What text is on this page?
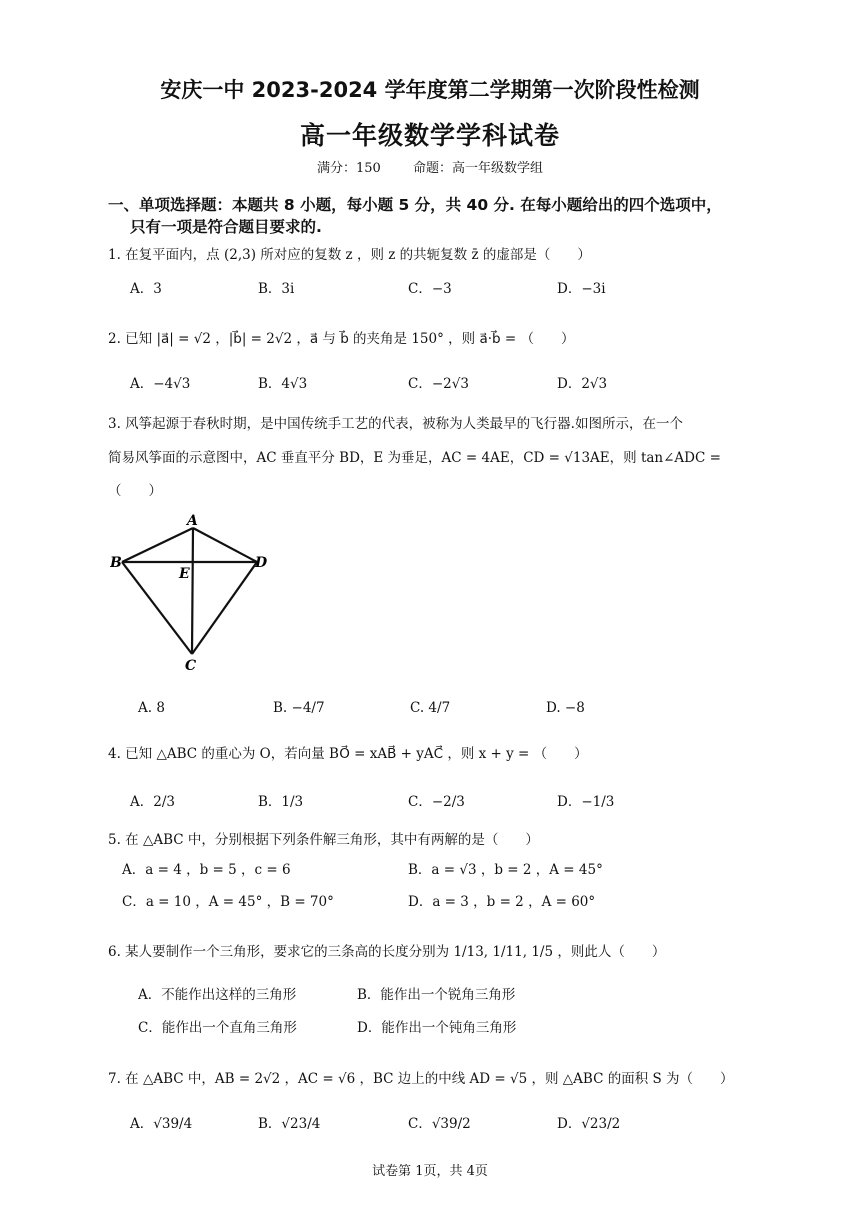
安庆一中 2023-2024 学年度第二学期第一次阶段性检测
高一年级数学学科试卷
满分：150 命题：高一年级数学组
一、单项选择题：本题共 8 小题，每小题 5 分，共 40 分. 在每小题给出的四个选项中，
只有一项是符合题目要求的.
1. 在复平面内，点 (2,3) 所对应的复数 z ，则 z 的共轭复数 z̄ 的虚部是（　　）
A．3	B．3i	C．−3	D．−3i
2. 已知 |a⃗| = √2 ，|b⃗| = 2√2 ，a⃗ 与 b⃗ 的夹角是 150° ，则 a⃗·b⃗ = （　　）
A．−4√3	B．4√3	C．−2√3	D．2√3
3. 风筝起源于春秋时期，是中国传统手工艺的代表，被称为人类最早的飞行器.如图所示，在一个
简易风筝面的示意图中，AC 垂直平分 BD，E 为垂足，AC = 4AE，CD = √13AE，则 tan∠ADC =
（　　）
A
B	D
E
C
A. 8	B. −4/7	C. 4/7	D. −8
4. 已知 △ABC 的重心为 O，若向量 BO⃗ = xAB⃗ + yAC⃗ ，则 x + y = （　　）
A．2/3	B．1/3	C．−2/3	D．−1/3
5. 在 △ABC 中，分别根据下列条件解三角形，其中有两解的是（　　）
A．a = 4 ，b = 5 ，c = 6	B．a = √3 ，b = 2 ，A = 45°
C．a = 10 ，A = 45° ，B = 70°	D．a = 3 ，b = 2 ，A = 60°
6. 某人要制作一个三角形，要求它的三条高的长度分别为 1/13, 1/11, 1/5 ，则此人（　　）
A．不能作出这样的三角形	B．能作出一个锐角三角形
C．能作出一个直角三角形	D．能作出一个钝角三角形
7. 在 △ABC 中，AB = 2√2 ，AC = √6 ，BC 边上的中线 AD = √5 ，则 △ABC 的面积 S 为（　　）
A．√39/4	B．√23/4	C．√39/2	D．√23/2
试卷第 1页，共 4页
